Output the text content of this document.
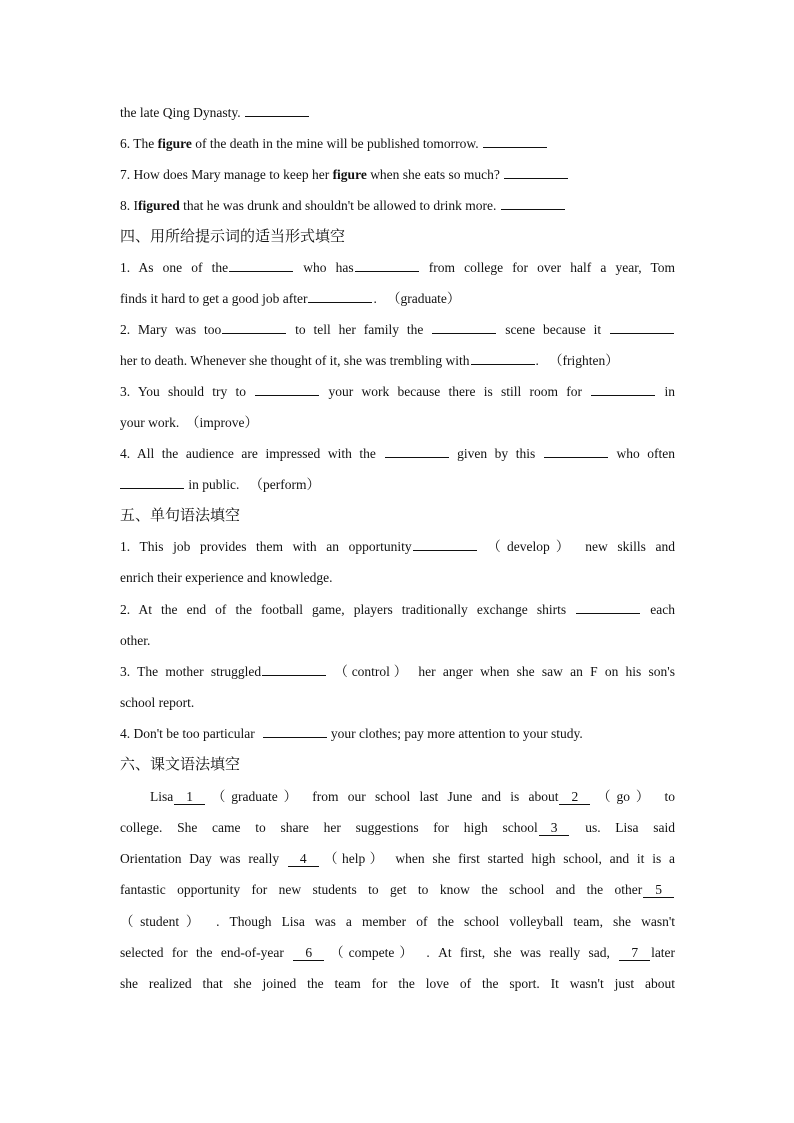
the late Qing Dynasty.
6. The figure of the death in the mine will be published tomorrow.
7. How does Mary manage to keep her figure when she eats so much?
8. Ifigured that he was drunk and shouldn't be allowed to drink more.
四、用所给提示词的适当形式填空
1. As one of the	who has	from college for over half a year, Tom
finds it hard to get a good job after	. （graduate）
2. Mary was too	to tell her family the	scene because it
her to death. Whenever she thought of it, she was trembling with	. （frighten）
3. You should try to	your work because there is still room for	in
your work. （improve）
4. All the audience are impressed with the	given by this	who often
in public. （perform）
五、单句语法填空
1. This job provides them with an opportunity	（develop） new skills and
enrich their experience and knowledge.
2. At the end of the football game, players traditionally exchange shirts	each
other.
3. The mother struggled	（control） her anger when she saw an F on his son's
school report.
4. Don't be too particular	your clothes; pay more attention to your study.
六、课文语法填空
Lisa 1 （graduate） from our school last June and is about 2 （go） to
college. She came to share her suggestions for high school 3 us. Lisa said
Orientation Day was really 4 （help） when she first started high school, and it is a
fantastic opportunity for new students to get to know the school and the other 5
（student） . Though Lisa was a member of the school volleyball team, she wasn't
selected for the end-of-year 6 （compete） . At first, she was really sad, 7 later
she realized that she joined the team for the love of the sport. It wasn't just about
